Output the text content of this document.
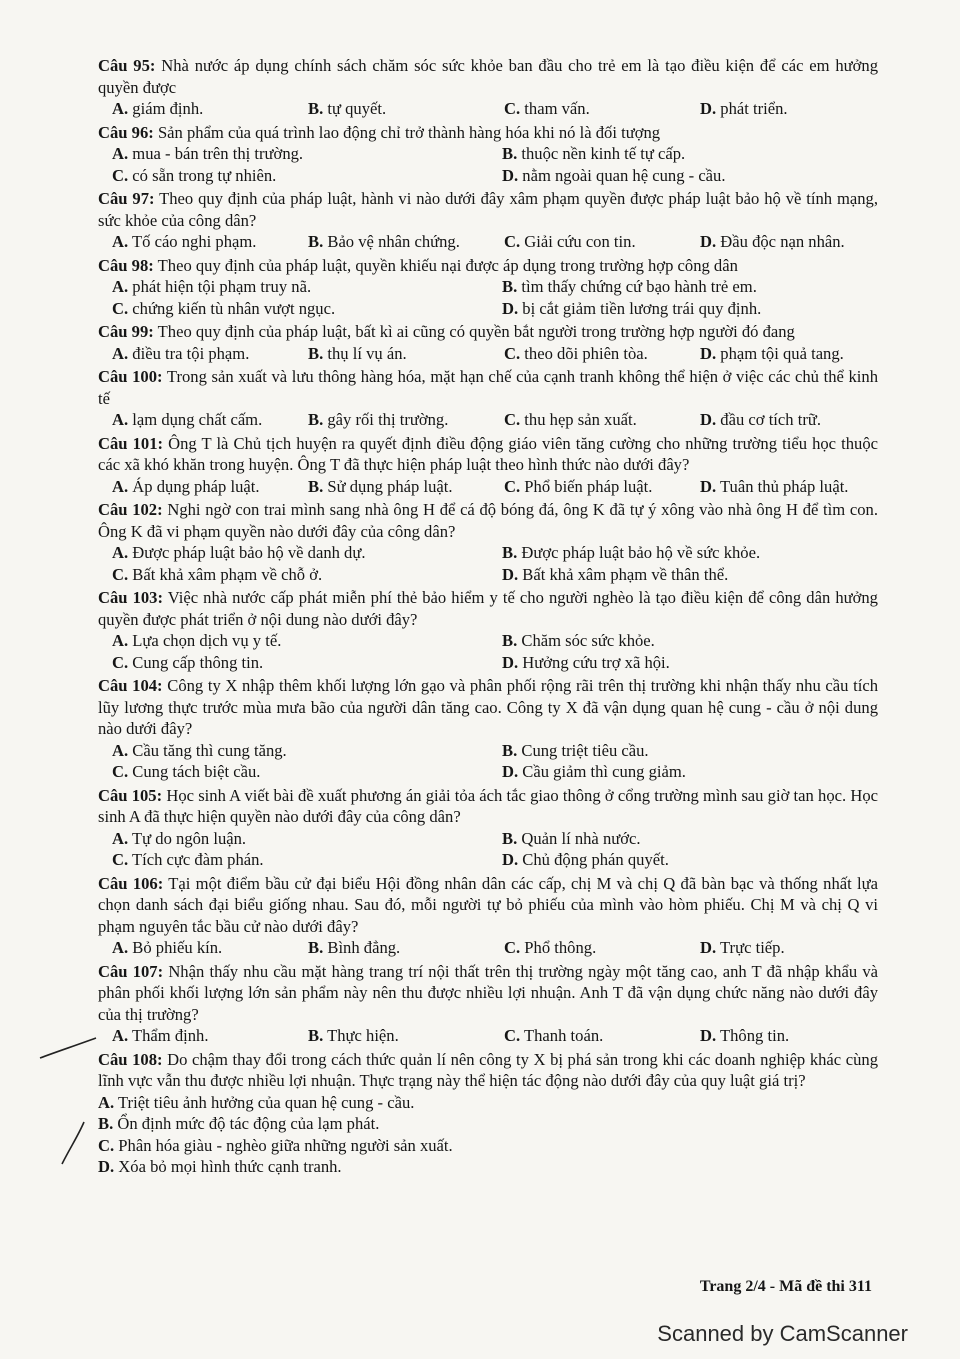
Câu 95: Nhà nước áp dụng chính sách chăm sóc sức khỏe ban đầu cho trẻ em là tạo điều kiện để các em hưởng quyền được
A. giám định.	B. tự quyết.	C. tham vấn.	D. phát triển.
Câu 96: Sản phẩm của quá trình lao động chỉ trở thành hàng hóa khi nó là đối tượng
A. mua - bán trên thị trường.	B. thuộc nền kinh tế tự cấp.
C. có sẵn trong tự nhiên.	D. nằm ngoài quan hệ cung - cầu.
Câu 97: Theo quy định của pháp luật, hành vi nào dưới đây xâm phạm quyền được pháp luật bảo hộ về tính mạng, sức khỏe của công dân?
A. Tố cáo nghi phạm.	B. Bảo vệ nhân chứng.	C. Giải cứu con tin.	D. Đầu độc nạn nhân.
Câu 98: Theo quy định của pháp luật, quyền khiếu nại được áp dụng trong trường hợp công dân
A. phát hiện tội phạm truy nã.	B. tìm thấy chứng cứ bạo hành trẻ em.
C. chứng kiến tù nhân vượt ngục.	D. bị cắt giảm tiền lương trái quy định.
Câu 99: Theo quy định của pháp luật, bất kì ai cũng có quyền bắt người trong trường hợp người đó đang
A. điều tra tội phạm.	B. thụ lí vụ án.	C. theo dõi phiên tòa.	D. phạm tội quả tang.
Câu 100: Trong sản xuất và lưu thông hàng hóa, mặt hạn chế của cạnh tranh không thể hiện ở việc các chủ thể kinh tế
A. lạm dụng chất cấm.	B. gây rối thị trường.	C. thu hẹp sản xuất.	D. đầu cơ tích trữ.
Câu 101: Ông T là Chủ tịch huyện ra quyết định điều động giáo viên tăng cường cho những trường tiểu học thuộc các xã khó khăn trong huyện. Ông T đã thực hiện pháp luật theo hình thức nào dưới đây?
A. Áp dụng pháp luật.	B. Sử dụng pháp luật.	C. Phổ biến pháp luật.	D. Tuân thủ pháp luật.
Câu 102: Nghi ngờ con trai mình sang nhà ông H để cá độ bóng đá, ông K đã tự ý xông vào nhà ông H để tìm con. Ông K đã vi phạm quyền nào dưới đây của công dân?
A. Được pháp luật bảo hộ về danh dự.	B. Được pháp luật bảo hộ về sức khỏe.
C. Bất khả xâm phạm về chỗ ở.	D. Bất khả xâm phạm về thân thể.
Câu 103: Việc nhà nước cấp phát miễn phí thẻ bảo hiểm y tế cho người nghèo là tạo điều kiện để công dân hưởng quyền được phát triển ở nội dung nào dưới đây?
A. Lựa chọn dịch vụ y tế.	B. Chăm sóc sức khỏe.
C. Cung cấp thông tin.	D. Hưởng cứu trợ xã hội.
Câu 104: Công ty X nhập thêm khối lượng lớn gạo và phân phối rộng rãi trên thị trường khi nhận thấy nhu cầu tích lũy lương thực trước mùa mưa bão của người dân tăng cao. Công ty X đã vận dụng quan hệ cung - cầu ở nội dung nào dưới đây?
A. Cầu tăng thì cung tăng.	B. Cung triệt tiêu cầu.
C. Cung tách biệt cầu.	D. Cầu giảm thì cung giảm.
Câu 105: Học sinh A viết bài đề xuất phương án giải tỏa ách tắc giao thông ở cổng trường mình sau giờ tan học. Học sinh A đã thực hiện quyền nào dưới đây của công dân?
A. Tự do ngôn luận.	B. Quản lí nhà nước.
C. Tích cực đàm phán.	D. Chủ động phán quyết.
Câu 106: Tại một điểm bầu cử đại biểu Hội đồng nhân dân các cấp, chị M và chị Q đã bàn bạc và thống nhất lựa chọn danh sách đại biểu giống nhau. Sau đó, mỗi người tự bỏ phiếu của mình vào hòm phiếu. Chị M và chị Q vi phạm nguyên tắc bầu cử nào dưới đây?
A. Bỏ phiếu kín.	B. Bình đẳng.	C. Phổ thông.	D. Trực tiếp.
Câu 107: Nhận thấy nhu cầu mặt hàng trang trí nội thất trên thị trường ngày một tăng cao, anh T đã nhập khẩu và phân phối khối lượng lớn sản phẩm này nên thu được nhiều lợi nhuận. Anh T đã vận dụng chức năng nào dưới đây của thị trường?
A. Thẩm định.	B. Thực hiện.	C. Thanh toán.	D. Thông tin.
Câu 108: Do chậm thay đổi trong cách thức quản lí nên công ty X bị phá sản trong khi các doanh nghiệp khác cùng lĩnh vực vẫn thu được nhiều lợi nhuận. Thực trạng này thể hiện tác động nào dưới đây của quy luật giá trị?
A. Triệt tiêu ảnh hưởng của quan hệ cung - cầu.
B. Ổn định mức độ tác động của lạm phát.
C. Phân hóa giàu - nghèo giữa những người sản xuất.
D. Xóa bỏ mọi hình thức cạnh tranh.
Trang 2/4 - Mã đề thi 311
Scanned by CamScanner
